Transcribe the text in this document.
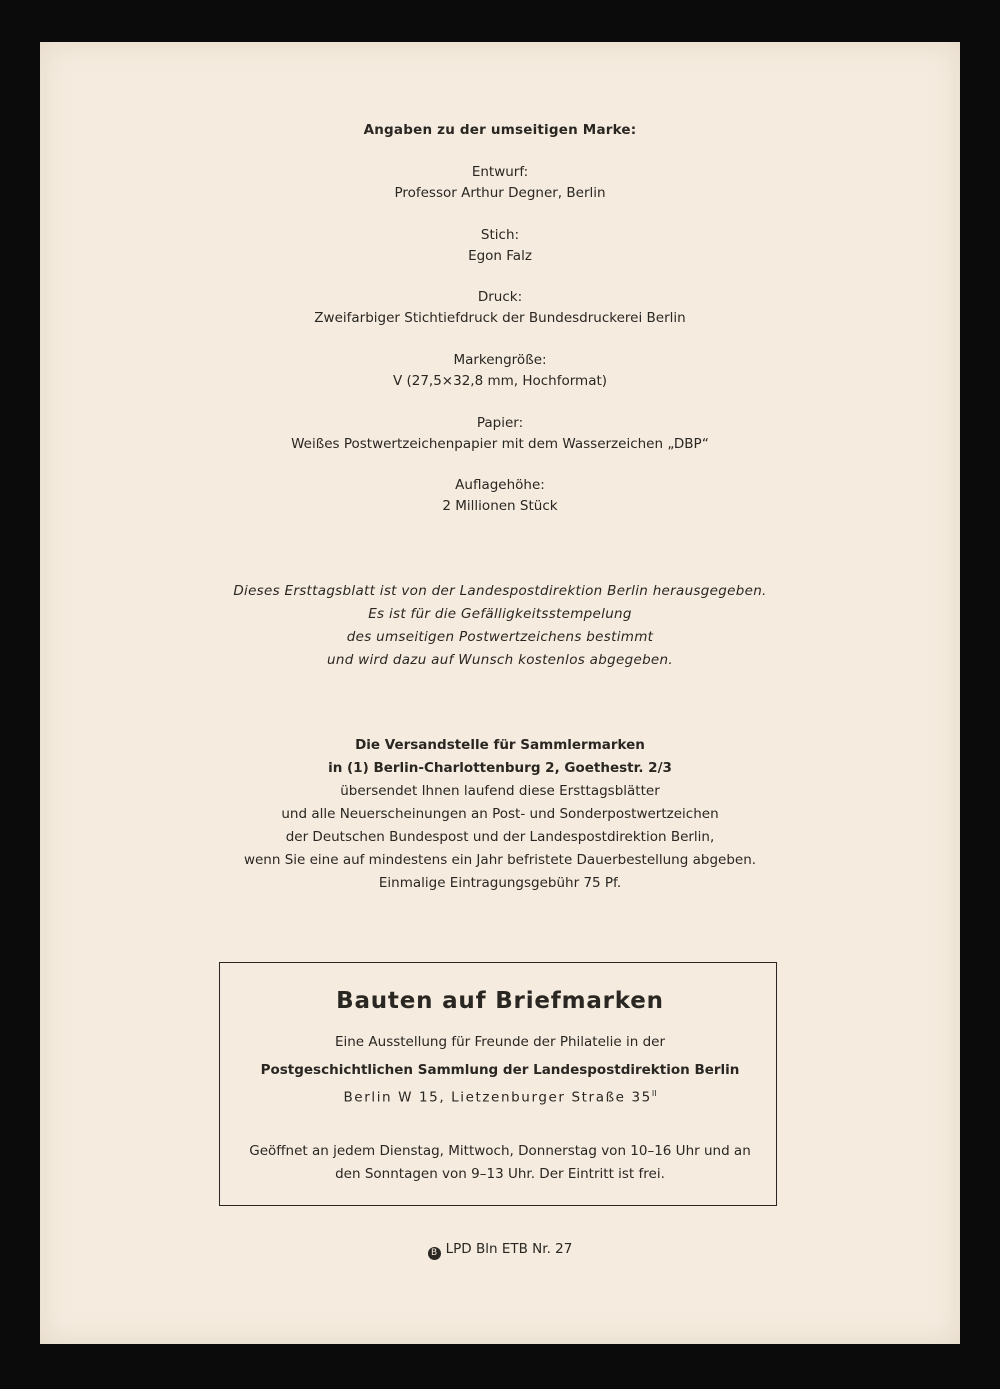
Angaben zu der umseitigen Marke:
Entwurf:
Professor Arthur Degner, Berlin
Stich:
Egon Falz
Druck:
Zweifarbiger Stichtiefdruck der Bundesdruckerei Berlin
Markengröße:
V (27,5×32,8 mm, Hochformat)
Papier:
Weißes Postwertzeichenpapier mit dem Wasserzeichen „DBP“
Auflagehöhe:
2 Millionen Stück
Dieses Ersttagsblatt ist von der Landespostdirektion Berlin herausgegeben.
Es ist für die Gefälligkeitsstempelung
des umseitigen Postwertzeichens bestimmt
und wird dazu auf Wunsch kostenlos abgegeben.
Die Versandstelle für Sammlermarken
in (1) Berlin-Charlottenburg 2, Goethestr. 2/3
übersendet Ihnen laufend diese Ersttagsblätter
und alle Neuerscheinungen an Post- und Sonderpostwertzeichen
der Deutschen Bundespost und der Landespostdirektion Berlin,
wenn Sie eine auf mindestens ein Jahr befristete Dauerbestellung abgeben.
Einmalige Eintragungsgebühr 75 Pf.
Bauten auf Briefmarken
Eine Ausstellung für Freunde der Philatelie in der
Postgeschichtlichen Sammlung der Landespostdirektion Berlin
Berlin W 15, Lietzenburger Straße $35^{II}$
Geöffnet an jedem Dienstag, Mittwoch, Donnerstag von 10–16 Uhr und an
den Sonntagen von 9–13 Uhr. Der Eintritt ist frei.
B LPD Bln ETB Nr. 27
